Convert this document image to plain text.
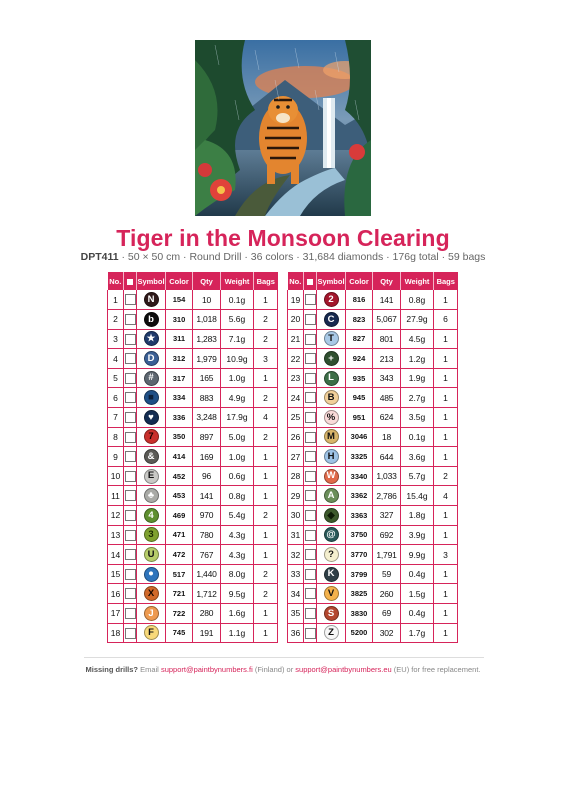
Tiger in the Monsoon Clearing
DPT411 · 50 × 50 cm · Round Drill · 36 colors · 31,684 diamonds · 176g total · 59 bags
No.		Symbol	Color	Qty	Weight	Bags
1		N	154	10	0.1g	1
2		b	310	1,018	5.6g	2
3		★	311	1,283	7.1g	2
4		D	312	1,979	10.9g	3
5		#	317	165	1.0g	1
6		■	334	883	4.9g	2
7		♥	336	3,248	17.9g	4
8		7	350	897	5.0g	2
9		&	414	169	1.0g	1
10		E	452	96	0.6g	1
11		♣	453	141	0.8g	1
12		4	469	970	5.4g	2
13		3	471	780	4.3g	1
14		U	472	767	4.3g	1
15		●	517	1,440	8.0g	2
16		X	721	1,712	9.5g	2
17		J	722	280	1.6g	1
18		F	745	191	1.1g	1
No.		Symbol	Color	Qty	Weight	Bags
19		2	816	141	0.8g	1
20		C	823	5,067	27.9g	6
21		T	827	801	4.5g	1
22		+	924	213	1.2g	1
23		L	935	343	1.9g	1
24		B	945	485	2.7g	1
25		%	951	624	3.5g	1
26		M	3046	18	0.1g	1
27		H	3325	644	3.6g	1
28		W	3340	1,033	5.7g	2
29		A	3362	2,786	15.4g	4
30		◆	3363	327	1.8g	1
31		@	3750	692	3.9g	1
32		?	3770	1,791	9.9g	3
33		K	3799	59	0.4g	1
34		V	3825	260	1.5g	1
35		S	3830	69	0.4g	1
36		Z	5200	302	1.7g	1
Missing drills? Email support@paintbynumbers.fi (Finland) or support@paintbynumbers.eu (EU) for free replacement.
